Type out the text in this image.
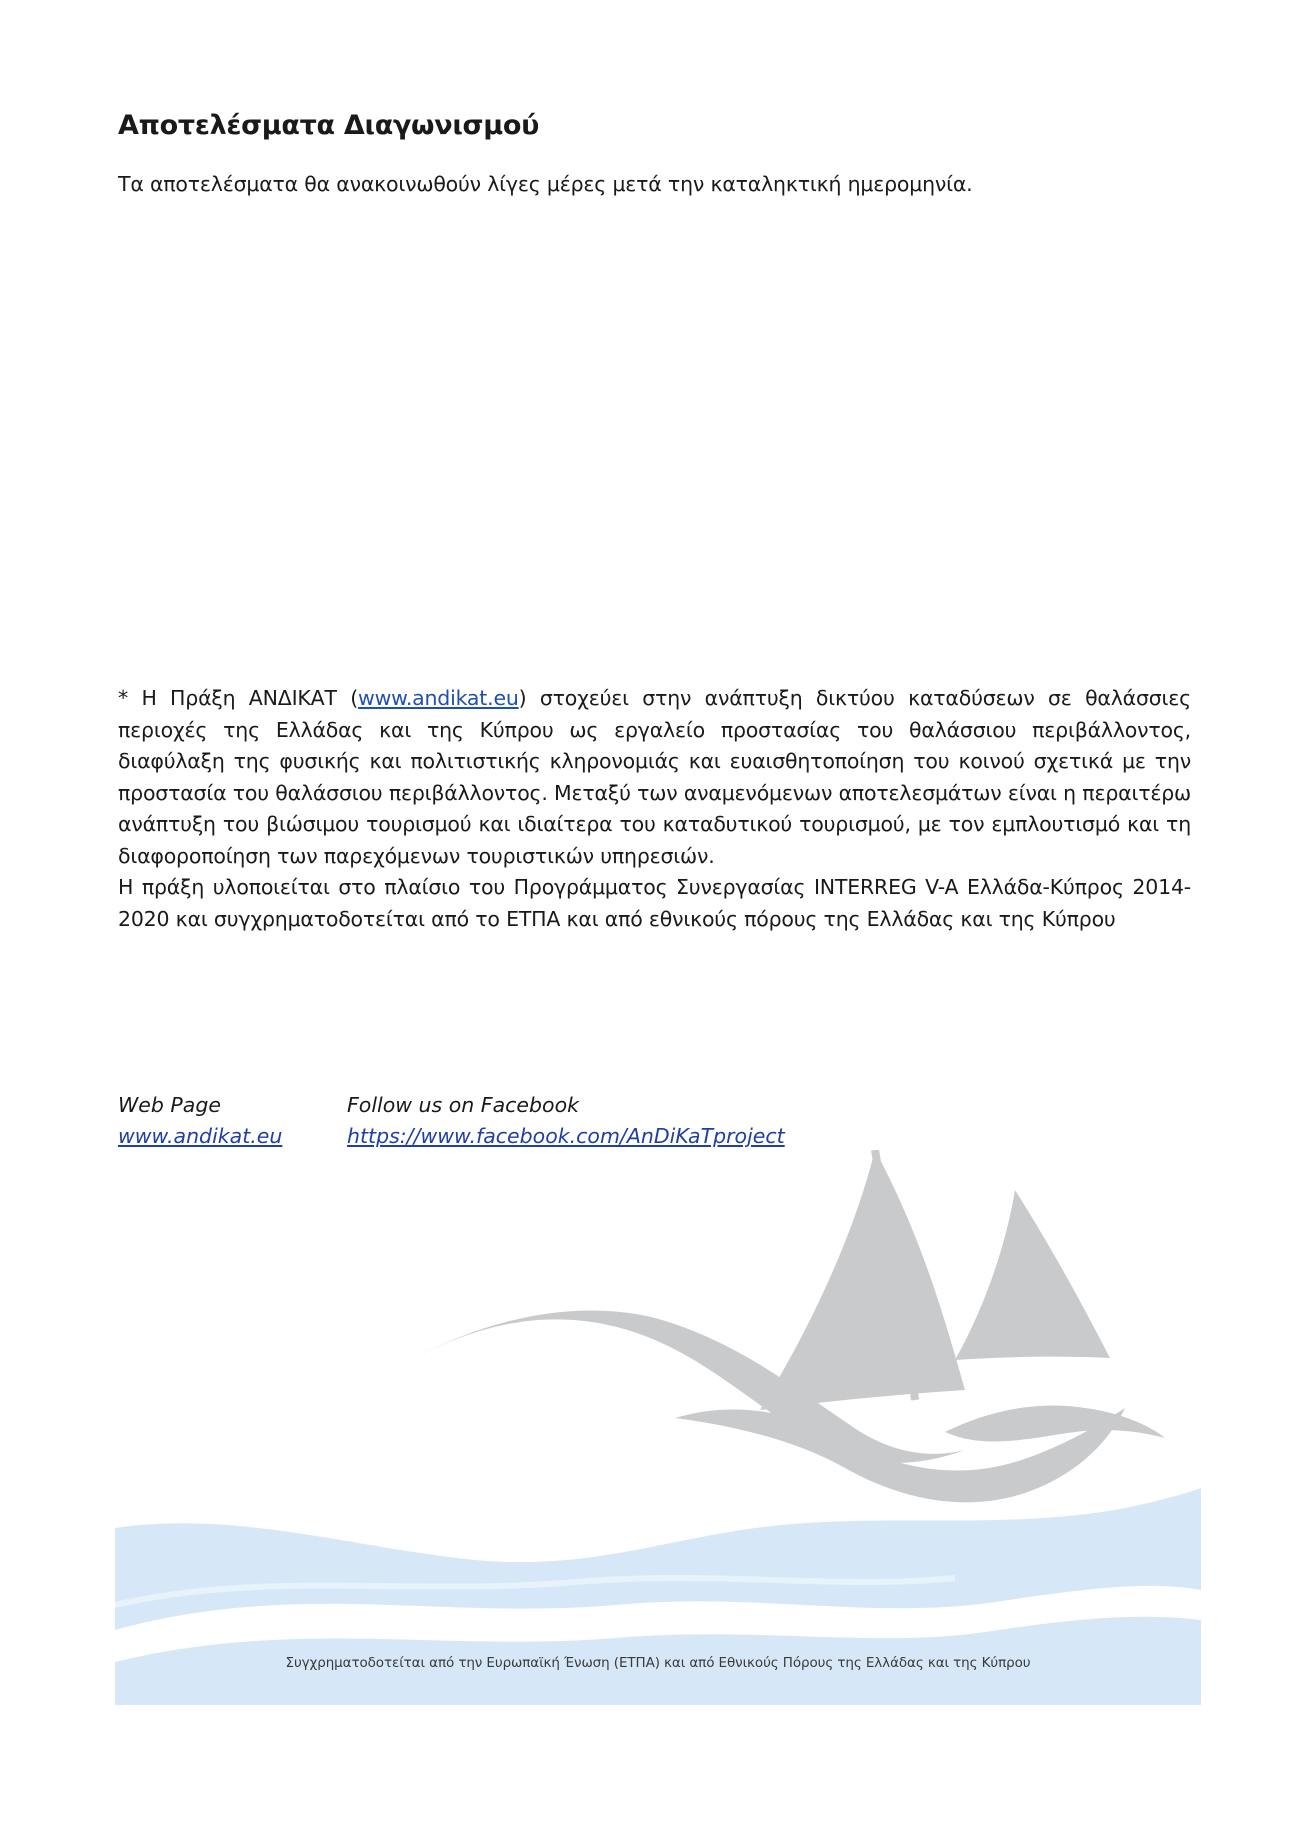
Αποτελέσματα Διαγωνισμού

Τα αποτελέσματα θα ανακοινωθούν λίγες μέρες μετά την καταληκτική ημερομηνία.

* Η Πράξη ΑΝΔΙΚΑΤ (www.andikat.eu) στοχεύει στην ανάπτυξη δικτύου καταδύσεων σε θαλάσσιες περιοχές της Ελλάδας και της Κύπρου ως εργαλείο προστασίας του θαλάσσιου περιβάλλοντος, διαφύλαξη της φυσικής και πολιτιστικής κληρονομιάς και ευαισθητοποίηση του κοινού σχετικά με την προστασία του θαλάσσιου περιβάλλοντος. Μεταξύ των αναμενόμενων αποτελεσμάτων είναι η περαιτέρω ανάπτυξη του βιώσιμου τουρισμού και ιδιαίτερα του καταδυτικού τουρισμού, με τον εμπλουτισμό και τη διαφοροποίηση των παρεχόμενων τουριστικών υπηρεσιών.

Η πράξη υλοποιείται στο πλαίσιο του Προγράμματος Συνεργασίας INTERREG V-A Ελλάδα-Κύπρος 2014-2020 και συγχρηματοδοτείται από το ΕΤΠΑ και από εθνικούς πόρους της Ελλάδας και της Κύπρου

Web Page
www.andikat.eu
Follow us on Facebook
https://www.facebook.com/AnDiKaTproject
Συγχρηματοδοτείται από την Ευρωπαϊκή Ένωση (ΕΤΠΑ) και από Εθνικούς Πόρους της Ελλάδας και της Κύπρου
